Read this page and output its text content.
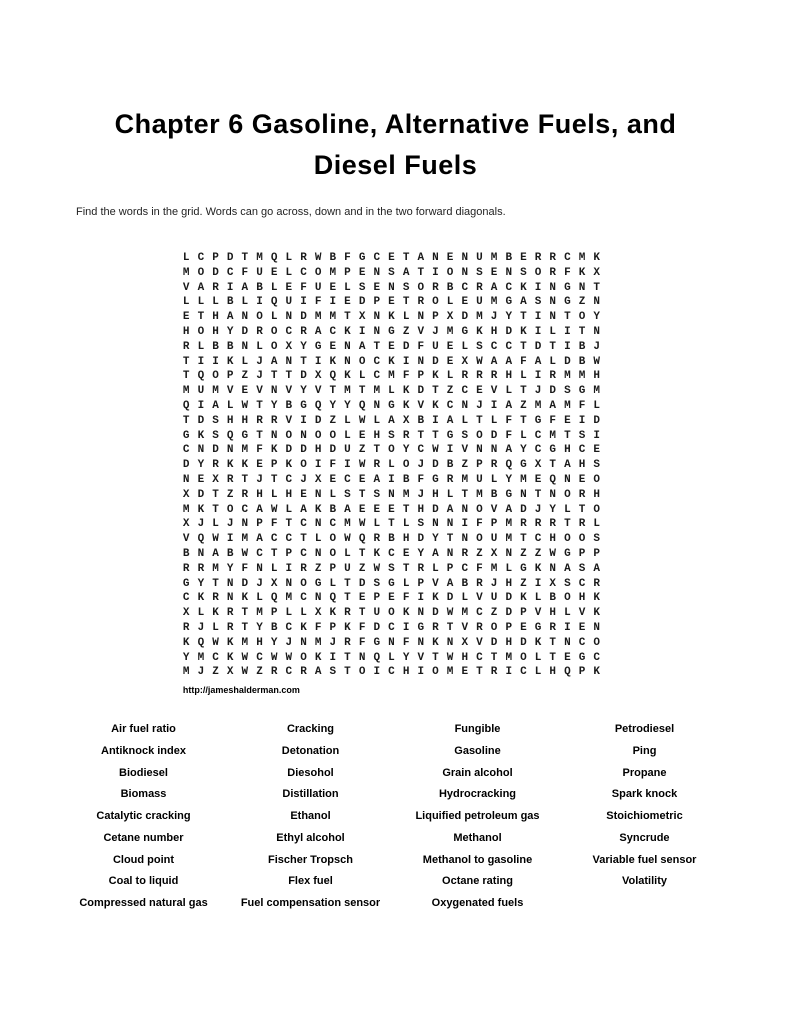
Chapter 6 Gasoline, Alternative Fuels, and
Diesel Fuels
Find the words in the grid. Words can go across, down and in the two forward diagonals.
LCPDTMQLRWBFGCETANENUMBERRCMK
MODCFUELCOMPENSATIONSENSORFKX
VARIABLEFUELSENSORBCRACKINGNT
LLLBLIQUIFIEDPETROLEUMGASNGZN
ETHANOLNDMMTXNKLNPXDMJYTINTOY
HOHYDROCRACKINGZVJMGKHDKILITN
RLBBNLOXYGENATEDFUELSCCTDTIBJ
TIIKLJANTIKNOCKINDEXWAAFALDBW
TQOPZJTTDXQKLCMFPKLRRRHLIRMMH
MUMVEVNVYVTMTMLKDTZCEVLTJDSGM
QIALWTYBGQYYQNGKVKCNJIAZMAMFL
TDSHHRRVIDZLWLAXBIALTLFTGFEID
GKSQGTNONOOLEHSRTTGSODFLCMTSI
CNDNMFKDDHDUZTOYCWIVNNAYCGHCE
DYRKKEPKOIFIWRLOJDBZPRQGXTAHS
NEXRTJTCJXECEAIBFGRMULYMEQNEO
XDTZRHLHENLSTSNMJHLTMBGNTNORH
MKTOCAWLAKBAEEETHDANOVADJYLTO
XJLJNPFTCNCMWLTLSNNIFPMRRRTRL
VQWIMACCTLOWQRBHDYTNOUMTCHOOS
BNABWCTPCNOLTKCEYANRZXNZZWGPP
RRMYFNLIRZPUZWSTRLPCFMLGKNASA
GYTNDJXNOGLTDSGLPVABRJHZIXSCR
CKRNKLQMCNQTEPEFIKDLVUDKLBOHK
XLKRTMPLLXKRTUOKNDWMCZDPVHLVK
RJLRTYBCKFPKFDCIGRTVROPEGRIEN
KQWKMHYJNMJRFGNFNKNXVDHDKTNCO
YMCKWCWWOKITNQLYVTWHCTMOLTEGC
MJZXWZRCRASTOICHIOMETRICLHQPK
http://jameshalderman.com
Air fuel ratio
Antiknock index
Biodiesel
Biomass
Catalytic cracking
Cetane number
Cloud point
Coal to liquid
Compressed natural gas
Cracking
Detonation
Diesohol
Distillation
Ethanol
Ethyl alcohol
Fischer Tropsch
Flex fuel
Fuel compensation sensor
Fungible
Gasoline
Grain alcohol
Hydrocracking
Liquified petroleum gas
Methanol
Methanol to gasoline
Octane rating
Oxygenated fuels
Petrodiesel
Ping
Propane
Spark knock
Stoichiometric
Syncrude
Variable fuel sensor
Volatility
